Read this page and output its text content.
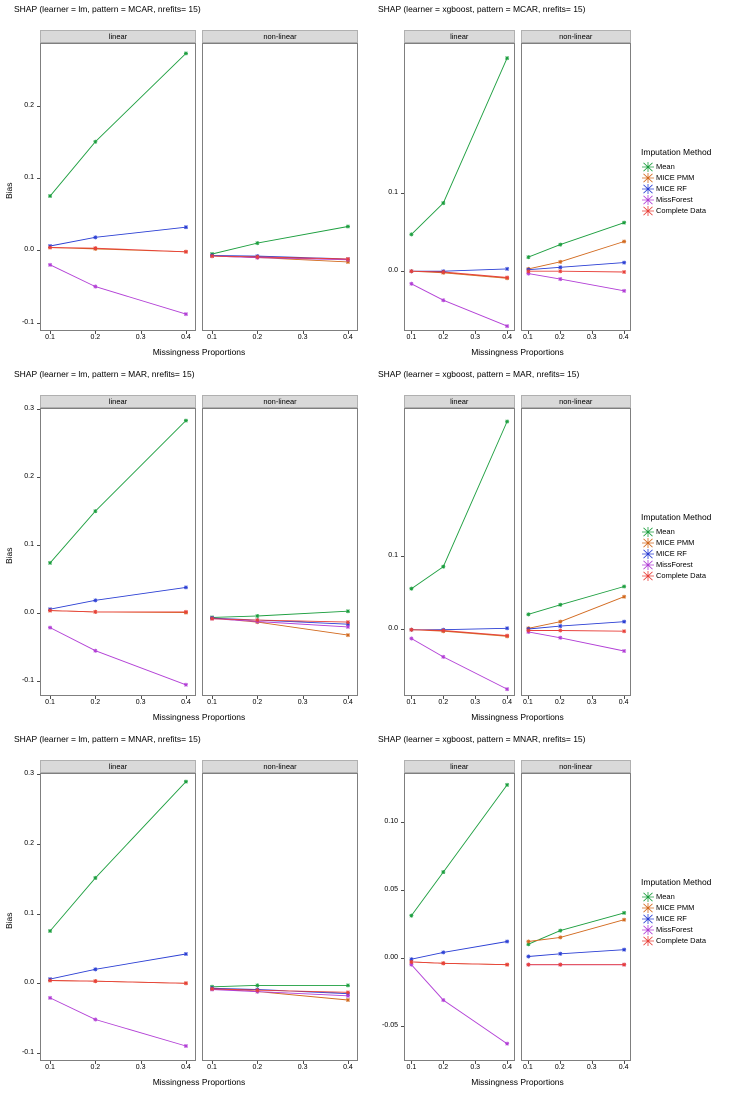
SHAP (learner = lm, pattern = MCAR, nrefits= 15)
Bias
Missingness Proportions
linear
0.1	0.2	0.3	0.4
-0.1
0.0
0.1
0.2
non-linear
0.1	0.2	0.3	0.4
SHAP (learner = xgboost, pattern = MCAR, nrefits= 15)
Missingness Proportions
linear
0.1	0.2	0.3	0.4
0.0
0.1
non-linear
0.1	0.2	0.3	0.4
Imputation Method
Mean
MICE PMM
MICE RF
MissForest
Complete Data
SHAP (learner = lm, pattern = MAR, nrefits= 15)
Bias
Missingness Proportions
linear
0.1	0.2	0.3	0.4
-0.1
0.0
0.1
0.2
0.3
non-linear
0.1	0.2	0.3	0.4
SHAP (learner = xgboost, pattern = MAR, nrefits= 15)
Missingness Proportions
linear
0.1	0.2	0.3	0.4
0.0
0.1
non-linear
0.1	0.2	0.3	0.4
Imputation Method
Mean
MICE PMM
MICE RF
MissForest
Complete Data
SHAP (learner = lm, pattern = MNAR, nrefits= 15)
Bias
Missingness Proportions
linear
0.1	0.2	0.3	0.4
-0.1
0.0
0.1
0.2
0.3
non-linear
0.1	0.2	0.3	0.4
SHAP (learner = xgboost, pattern = MNAR, nrefits= 15)
Missingness Proportions
linear
0.1	0.2	0.3	0.4
-0.05
0.00
0.05
0.10
non-linear
0.1	0.2	0.3	0.4
Imputation Method
Mean
MICE PMM
MICE RF
MissForest
Complete Data
